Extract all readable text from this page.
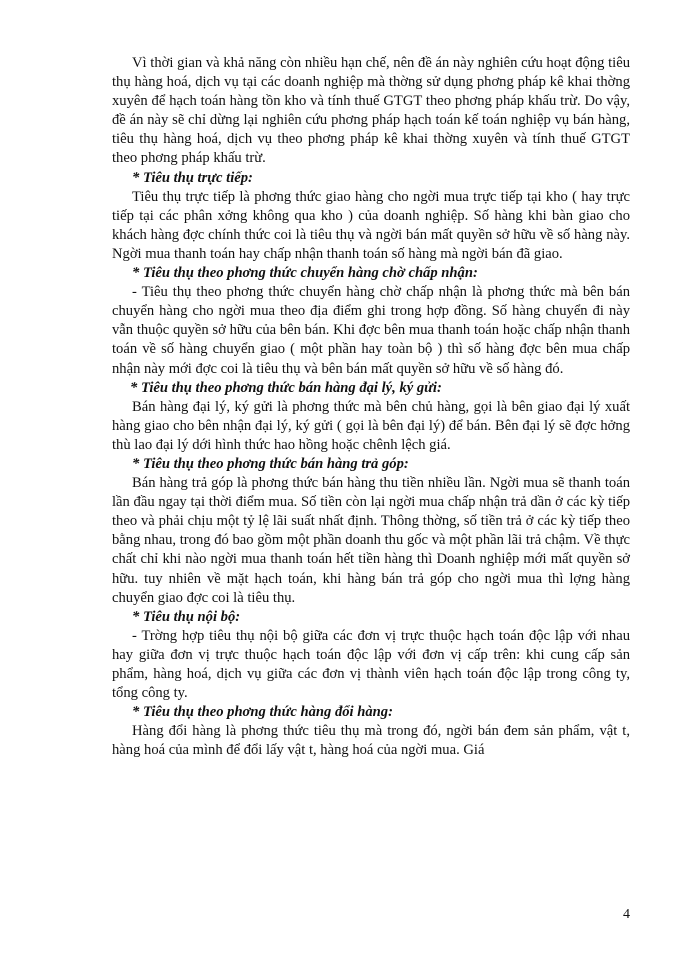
Vì thời gian và khả năng còn nhiều hạn chế, nên đề án này nghiên cứu hoạt động tiêu thụ hàng hoá, dịch vụ tại các doanh nghiệp mà thờng sử dụng phơng pháp kê khai thờng xuyên để hạch toán hàng tồn kho và tính thuế GTGT theo phơng pháp khấu trừ. Do vậy, đề án này sẽ chỉ dừng lại nghiên cứu phơng pháp hạch toán kế toán nghiệp vụ bán hàng, tiêu thụ hàng hoá, dịch vụ theo phơng pháp kê khai thờng xuyên và tính thuế GTGT theo phơng pháp khấu trừ.

* Tiêu thụ trực tiếp:

Tiêu thụ trực tiếp là phơng thức giao hàng cho ngời mua trực tiếp tại kho ( hay trực tiếp tại các phân xởng không qua kho ) của doanh nghiệp. Số hàng khi bàn giao cho khách hàng đợc chính thức coi là tiêu thụ và ngời bán mất quyền sở hữu về số hàng này. Ngời mua thanh toán hay chấp nhận thanh toán số hàng mà ngời bán đã giao.

* Tiêu thụ theo phơng thức chuyển hàng chờ chấp nhận:

- Tiêu thụ theo phơng thức chuyển hàng chờ chấp nhận là phơng thức mà bên bán chuyển hàng cho ngời mua theo địa điểm ghi trong hợp đồng. Số hàng chuyển đi này vẫn thuộc quyền sở hữu của bên bán. Khi đợc bên mua thanh toán hoặc chấp nhận thanh toán về số hàng chuyển giao ( một phần hay toàn bộ ) thì số hàng đợc bên mua chấp nhận này mới đợc coi là tiêu thụ và bên bán mất quyền sở hữu về số hàng đó.

* Tiêu thụ theo phơng thức bán hàng đại lý, ký gửi:

Bán hàng đại lý, ký gửi là phơng thức mà bên chủ hàng, gọi là bên giao đại lý xuất hàng giao cho bên nhận đại lý, ký gửi ( gọi là bên đại lý) để bán. Bên đại lý sẽ đợc hởng thù lao đại lý dới hình thức hao hồng hoặc chênh lệch giá.

* Tiêu thụ theo phơng thức bán hàng trả góp:

Bán hàng trả góp là phơng thức bán hàng thu tiền nhiều lần. Ngời mua sẽ thanh toán lần đầu ngay tại thời điểm mua. Số tiền còn lại ngời mua chấp nhận trả dần ở các kỳ tiếp theo và phải chịu một tỷ lệ lãi suất nhất định. Thông thờng, số tiền trả ở các kỳ tiếp theo bằng nhau, trong đó bao gồm một phần doanh thu gốc và một phần lãi trả chậm. Về thực chất chỉ khi nào ngời mua thanh toán hết tiền hàng thì Doanh nghiệp mới mất quyền sở hữu. tuy nhiên về mặt hạch toán, khi hàng bán trả góp cho ngời mua thì lợng hàng chuyển giao đợc coi là tiêu thụ.

* Tiêu thụ nội bộ:

- Trờng hợp tiêu thụ nội bộ giữa các đơn vị trực thuộc hạch toán độc lập với nhau hay giữa đơn vị trực thuộc hạch toán độc lập với đơn vị cấp trên: khi cung cấp sản phẩm, hàng hoá, dịch vụ giữa các đơn vị thành viên hạch toán độc lập trong công ty, tổng công ty.

* Tiêu thụ theo phơng thức hàng đổi hàng:

Hàng đổi hàng là phơng thức tiêu thụ mà trong đó, ngời bán đem sản phẩm, vật t, hàng hoá của mình để đổi lấy vật t, hàng hoá của ngời mua. Giá

4
